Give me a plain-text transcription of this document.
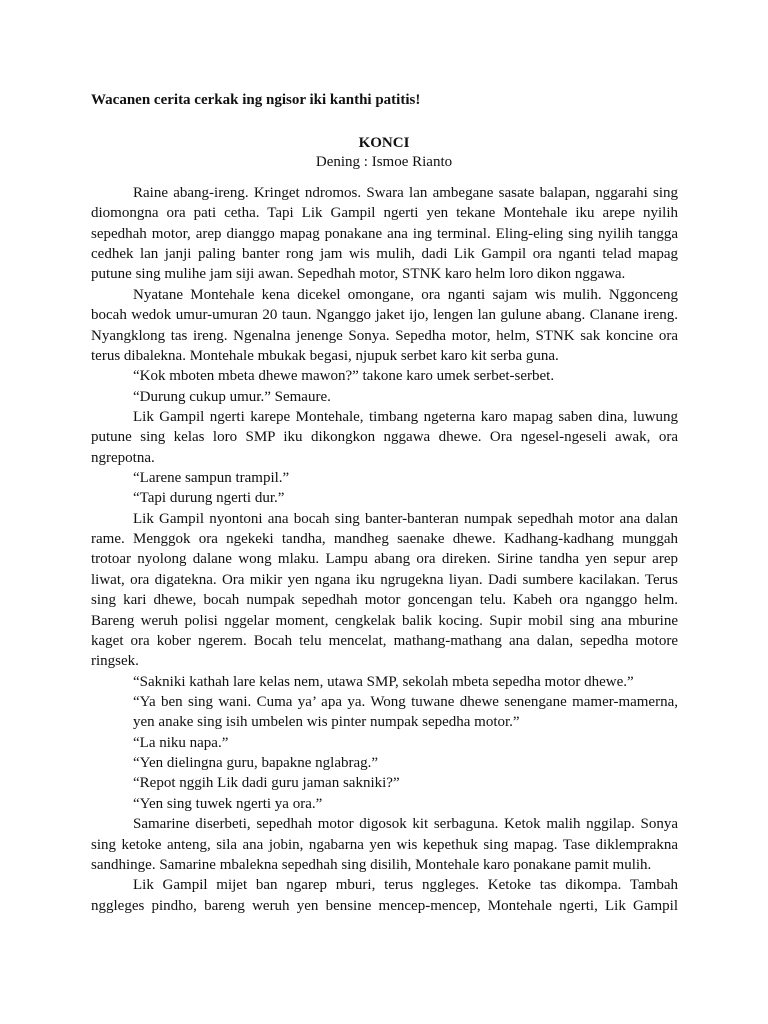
Wacanen cerita cerkak ing ngisor iki kanthi patitis!
KONCI
Dening : Ismoe Rianto
Raine abang-ireng. Kringet ndromos. Swara lan ambegane sasate balapan, nggarahi sing
diomongna ora pati cetha. Tapi Lik Gampil ngerti yen tekane Montehale iku arepe nyilih
sepedhah motor, arep dianggo mapag ponakane ana ing terminal. Eling-eling sing nyilih tangga
cedhek lan janji paling banter rong jam wis mulih, dadi Lik Gampil ora nganti telad mapag
putune sing mulihe jam siji awan. Sepedhah motor, STNK karo helm loro dikon nggawa.
Nyatane Montehale kena dicekel omongane, ora nganti sajam wis mulih. Nggonceng
bocah wedok umur-umuran 20 taun. Nganggo jaket ijo, lengen lan gulune abang. Clanane ireng.
Nyangklong tas ireng. Ngenalna jenenge Sonya. Sepedha motor, helm, STNK sak koncine ora
terus dibalekna. Montehale mbukak begasi, njupuk serbet karo kit serba guna.
“Kok mboten mbeta dhewe mawon?” takone karo umek serbet-serbet.
“Durung cukup umur.” Semaure.
Lik Gampil ngerti karepe Montehale, timbang ngeterna karo mapag saben dina, luwung
putune sing kelas loro SMP iku dikongkon nggawa dhewe. Ora ngesel-ngeseli awak, ora
ngrepotna.
“Larene sampun trampil.”
“Tapi durung ngerti dur.”
Lik Gampil nyontoni ana bocah sing banter-banteran numpak sepedhah motor ana dalan
rame. Menggok ora ngekeki tandha, mandheg saenake dhewe. Kadhang-kadhang munggah
trotoar nyolong dalane wong mlaku. Lampu abang ora direken. Sirine tandha yen sepur arep
liwat, ora digatekna. Ora mikir yen ngana iku ngrugekna liyan. Dadi sumbere kacilakan. Terus
sing kari dhewe, bocah numpak sepedhah motor goncengan telu. Kabeh ora nganggo helm.
Bareng weruh polisi nggelar moment, cengkelak balik kocing. Supir mobil sing ana mburine
kaget ora kober ngerem. Bocah telu mencelat, mathang-mathang ana dalan, sepedha motore
ringsek.
“Sakniki kathah lare kelas nem, utawa SMP, sekolah mbeta sepedha motor dhewe.”
“Ya ben sing wani. Cuma ya’ apa ya. Wong tuwane dhewe senengane mamer-mamerna,
yen anake sing isih umbelen wis pinter numpak sepedha motor.”
“La niku napa.”
“Yen dielingna guru, bapakne nglabrag.”
“Repot nggih Lik dadi guru jaman sakniki?”
“Yen sing tuwek ngerti ya ora.”
Samarine diserbeti, sepedhah motor digosok kit serbaguna. Ketok malih nggilap. Sonya
sing ketoke anteng, sila ana jobin, ngabarna yen wis kepethuk sing mapag. Tase diklemprakna
sandhinge. Samarine mbalekna sepedhah sing disilih, Montehale karo ponakane pamit mulih.
Lik Gampil mijet ban ngarep mburi, terus nggleges. Ketoke tas dikompa. Tambah
nggleges pindho, bareng weruh yen bensine mencep-mencep, Montehale ngerti, Lik Gampil
